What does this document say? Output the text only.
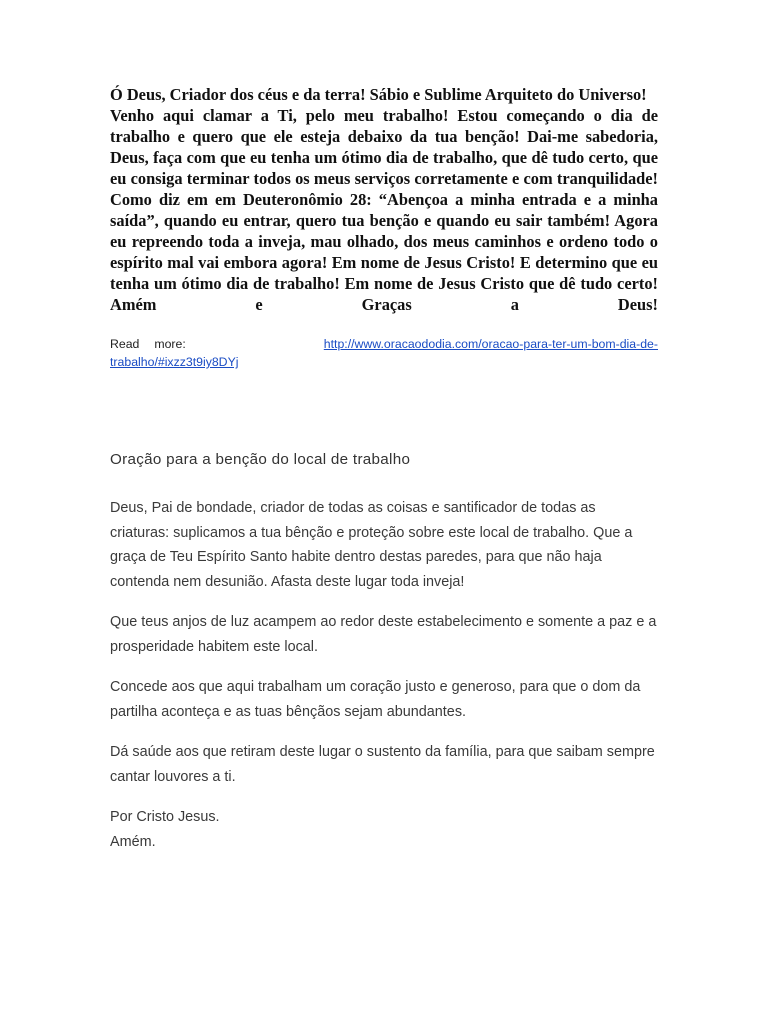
Ó Deus, Criador dos céus e da terra! Sábio e Sublime Arquiteto do Universo!

Venho aqui clamar a Ti, pelo meu trabalho! Estou começando o dia de trabalho e quero que ele esteja debaixo da tua benção! Dai-me sabedoria, Deus, faça com que eu tenha um ótimo dia de trabalho, que dê tudo certo, que eu consiga terminar todos os meus serviços corretamente e com tranquilidade! Como diz em em Deuteronômio 28: “Abençoa a minha entrada e a minha saída”, quando eu entrar, quero tua benção e quando eu sair também! Agora eu repreendo toda a inveja, mau olhado, dos meus caminhos e ordeno todo o espírito mal vai embora agora! Em nome de Jesus Cristo! E determino que eu tenha um ótimo dia de trabalho! Em nome de Jesus Cristo que dê tudo certo! Amém e Graças a Deus!

Read more:	http://www.oracaododia.com/oracao-para-ter-um-bom-dia-de-trabalho/#ixzz3t9iy8DYj
Oração para a benção do local de trabalho

Deus, Pai de bondade, criador de todas as coisas e santificador de todas as criaturas: suplicamos a tua bênção e proteção sobre este local de trabalho. Que a graça de Teu Espírito Santo habite dentro destas paredes, para que não haja contenda nem desunião. Afasta deste lugar toda inveja!

Que teus anjos de luz acampem ao redor deste estabelecimento e somente a paz e a prosperidade habitem este local.

Concede aos que aqui trabalham um coração justo e generoso, para que o dom da partilha aconteça e as tuas bênçãos sejam abundantes.

Dá saúde aos que retiram deste lugar o sustento da família, para que saibam sempre cantar louvores a ti.

Por Cristo Jesus.

Amém.
